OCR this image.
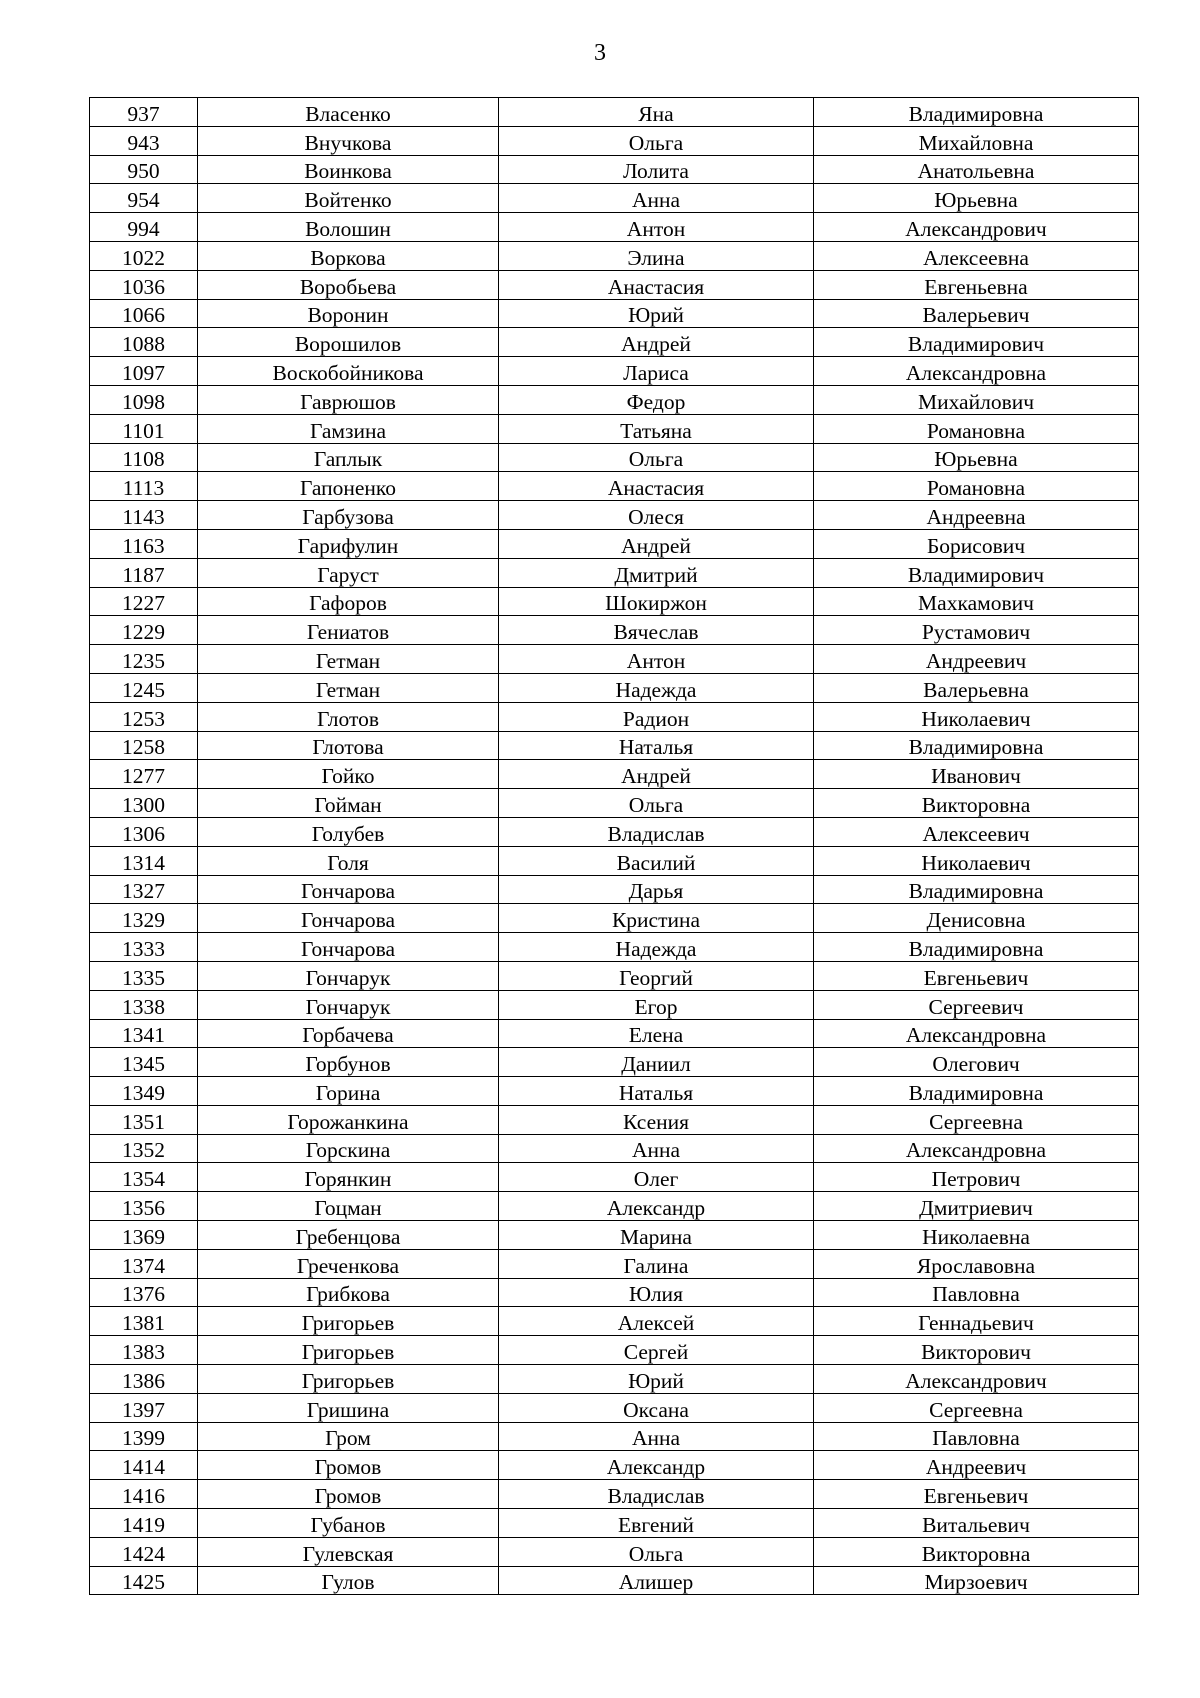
3
937	Власенко	Яна	Владимировна
943	Внучкова	Ольга	Михайловна
950	Воинкова	Лолита	Анатольевна
954	Войтенко	Анна	Юрьевна
994	Волошин	Антон	Александрович
1022	Воркова	Элина	Алексеевна
1036	Воробьева	Анастасия	Евгеньевна
1066	Воронин	Юрий	Валерьевич
1088	Ворошилов	Андрей	Владимирович
1097	Воскобойникова	Лариса	Александровна
1098	Гаврюшов	Федор	Михайлович
1101	Гамзина	Татьяна	Романовна
1108	Гаплык	Ольга	Юрьевна
1113	Гапоненко	Анастасия	Романовна
1143	Гарбузова	Олеся	Андреевна
1163	Гарифулин	Андрей	Борисович
1187	Гаруст	Дмитрий	Владимирович
1227	Гафоров	Шокиржон	Махкамович
1229	Гениатов	Вячеслав	Рустамович
1235	Гетман	Антон	Андреевич
1245	Гетман	Надежда	Валерьевна
1253	Глотов	Радион	Николаевич
1258	Глотова	Наталья	Владимировна
1277	Гойко	Андрей	Иванович
1300	Гойман	Ольга	Викторовна
1306	Голубев	Владислав	Алексеевич
1314	Голя	Василий	Николаевич
1327	Гончарова	Дарья	Владимировна
1329	Гончарова	Кристина	Денисовна
1333	Гончарова	Надежда	Владимировна
1335	Гончарук	Георгий	Евгеньевич
1338	Гончарук	Егор	Сергеевич
1341	Горбачева	Елена	Александровна
1345	Горбунов	Даниил	Олегович
1349	Горина	Наталья	Владимировна
1351	Горожанкина	Ксения	Сергеевна
1352	Горскина	Анна	Александровна
1354	Горянкин	Олег	Петрович
1356	Гоцман	Александр	Дмитриевич
1369	Гребенцова	Марина	Николаевна
1374	Греченкова	Галина	Ярославовна
1376	Грибкова	Юлия	Павловна
1381	Григорьев	Алексей	Геннадьевич
1383	Григорьев	Сергей	Викторович
1386	Григорьев	Юрий	Александрович
1397	Гришина	Оксана	Сергеевна
1399	Гром	Анна	Павловна
1414	Громов	Александр	Андреевич
1416	Громов	Владислав	Евгеньевич
1419	Губанов	Евгений	Витальевич
1424	Гулевская	Ольга	Викторовна
1425	Гулов	Алишер	Мирзоевич
